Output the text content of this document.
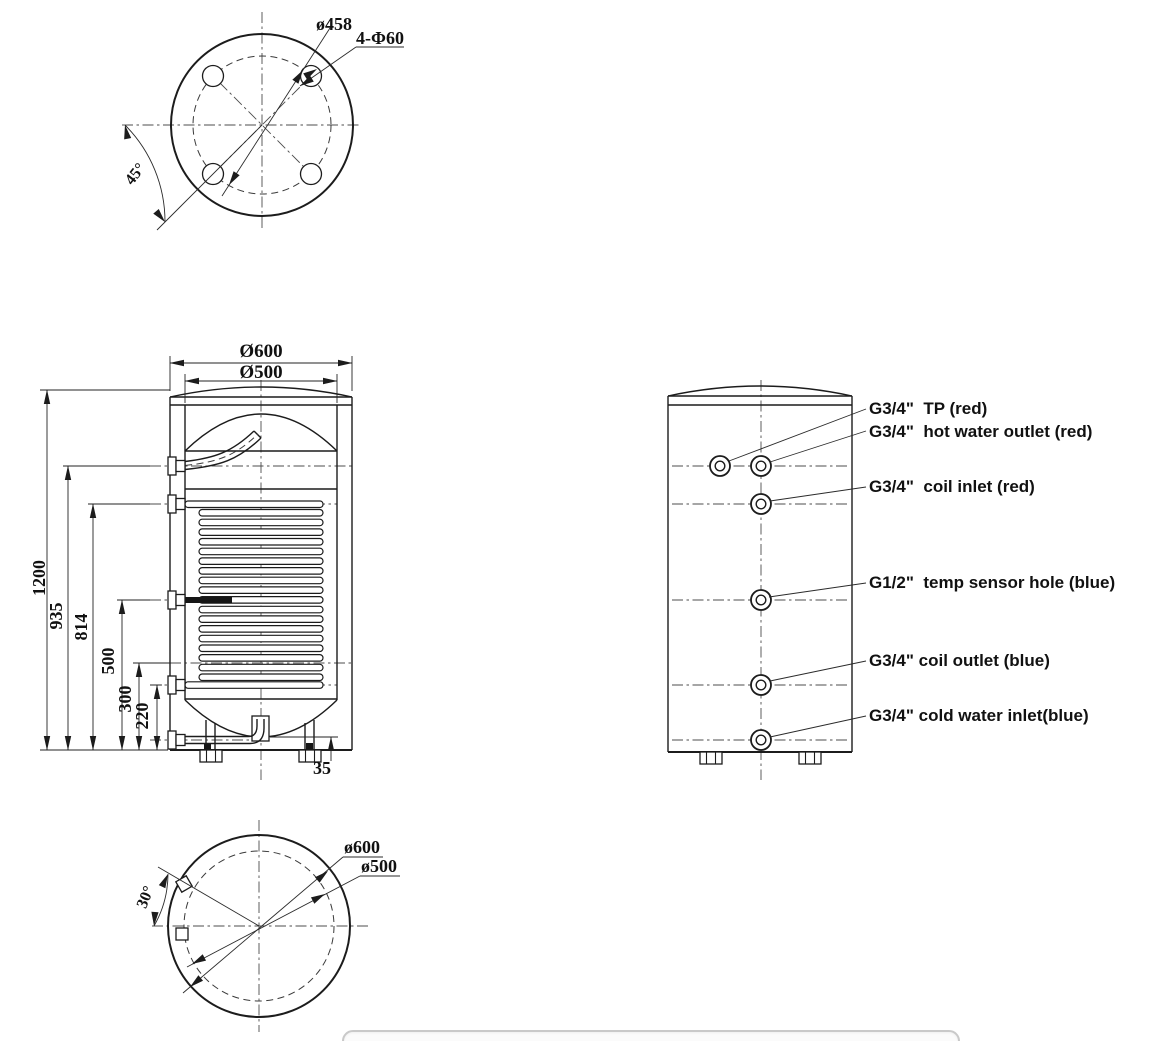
ø458
4-Φ60
45°
1200
935 814
500
300
220
Ø600
Ø500
35
G3/4"  TP (red)
G3/4"  hot water outlet (red)
G3/4"  coil inlet (red)
G1/2"  temp sensor hole (blue)
G3/4" coil outlet (blue)
G3/4" cold water inlet(blue)
ø600
ø500
30°
